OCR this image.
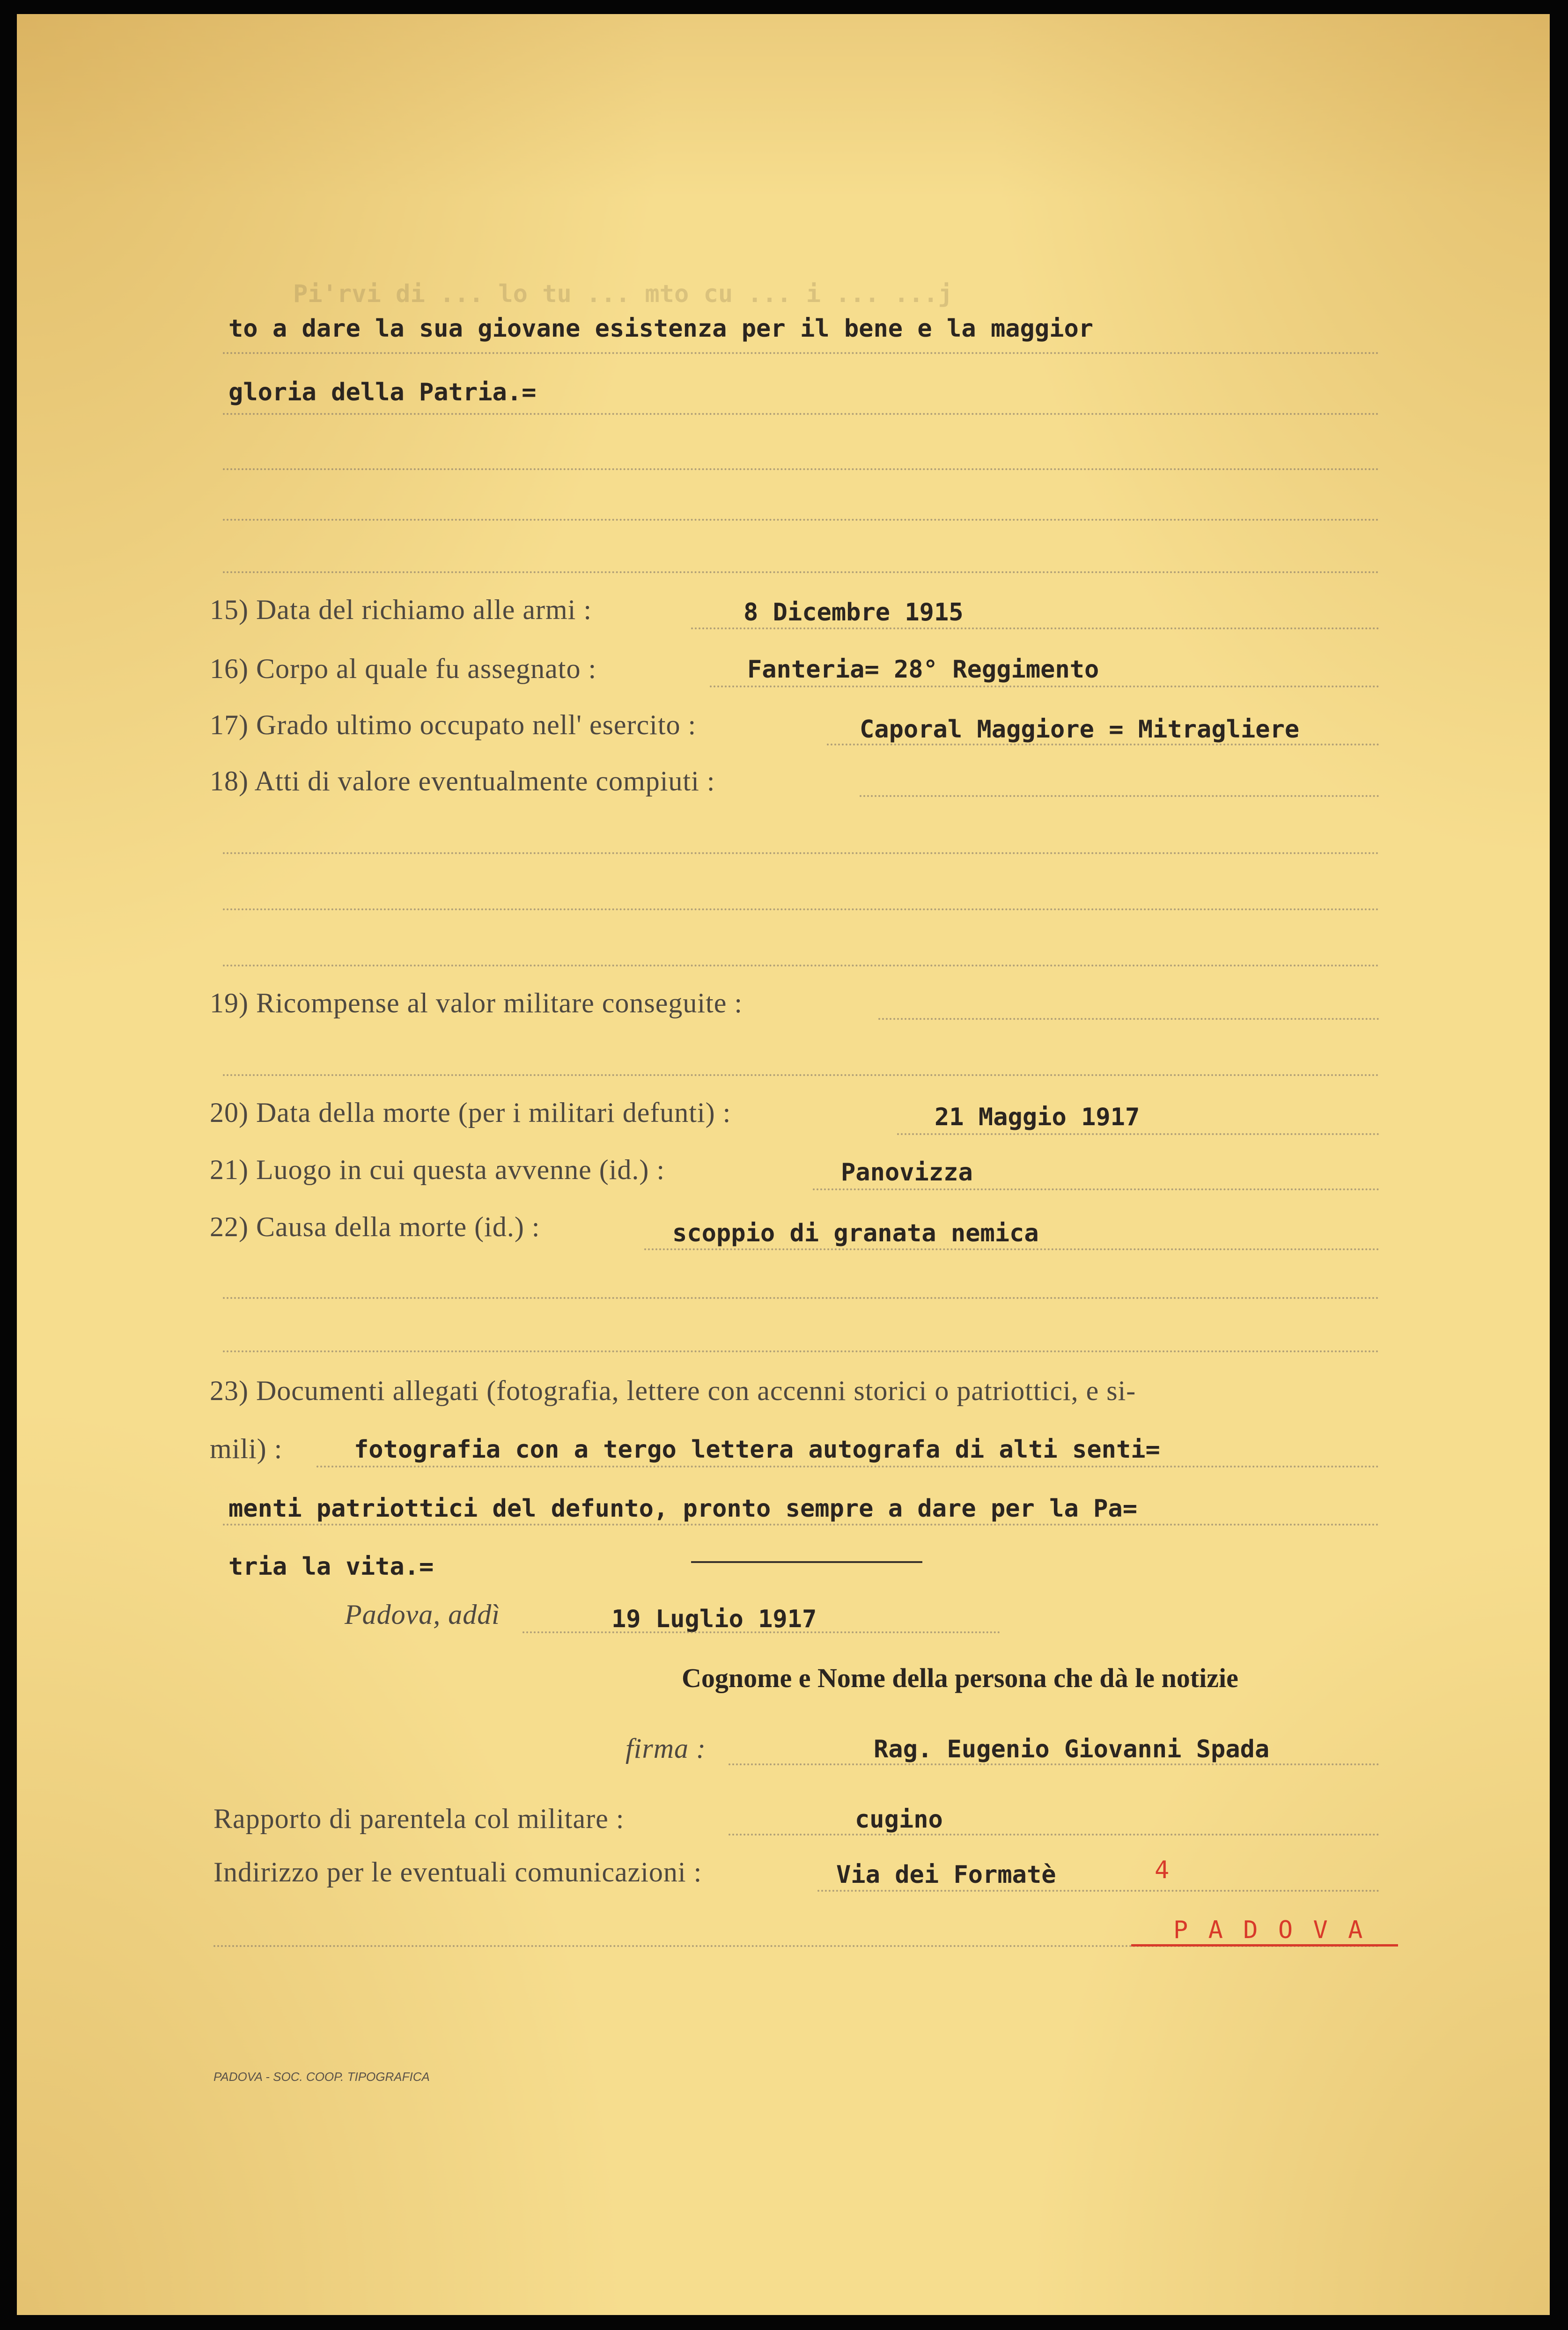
Pi'rvi di ... lo tu ... mto cu ... i ... ...j
to a dare la sua giovane esistenza per il bene e la maggior
gloria della Patria.=
15) Data del richiamo alle armi :	8 Dicembre 1915
16) Corpo al quale fu assegnato :	Fanteria= 28° Reggimento
17) Grado ultimo occupato nell' esercito :	Caporal Maggiore = Mitragliere
18) Atti di valore eventualmente compiuti :
19) Ricompense al valor militare conseguite :
20) Data della morte (per i militari defunti) :	21 Maggio 1917
21) Luogo in cui questa avvenne (id.) :	Panovizza
22) Causa della morte (id.) :	scoppio di granata nemica
23) Documenti allegati (fotografia, lettere con accenni storici o patriottici, e si-
mili) :	fotografia con a tergo lettera autografa di alti senti=
menti patriottici del defunto, pronto sempre a dare per la Pa=
tria la vita.=
Padova, addì	19 Luglio 1917
Cognome e Nome della persona che dà le notizie
firma :	Rag. Eugenio Giovanni Spada
Rapporto di parentela col militare :	cugino
Indirizzo per le eventuali comunicazioni :	Via dei Formatè	4
P A D O V A
PADOVA - SOC. COOP. TIPOGRAFICA
